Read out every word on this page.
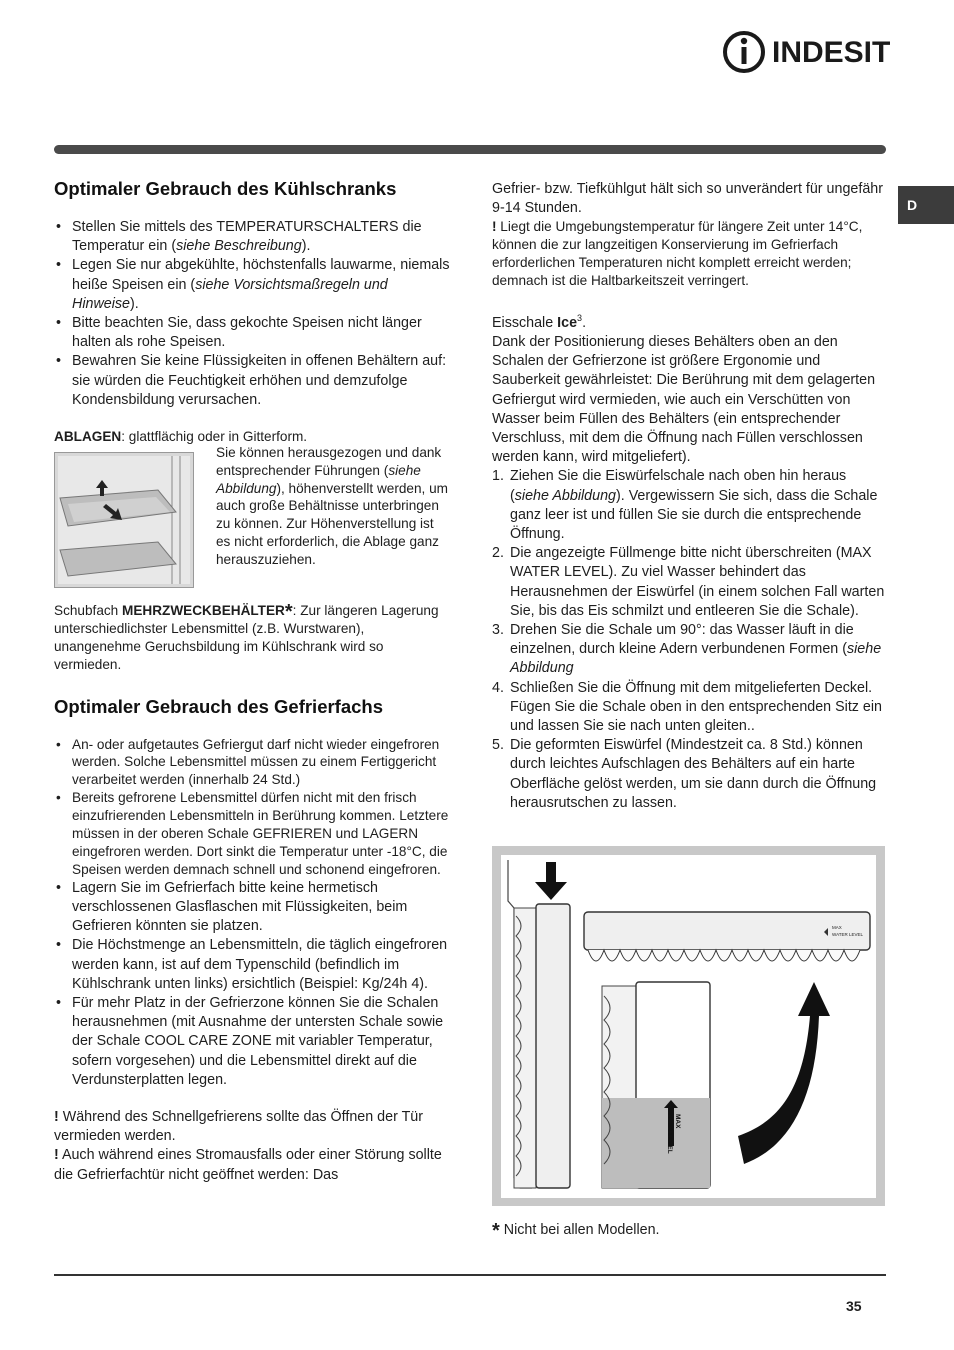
INDESIT
D
Optimaler Gebrauch des Kühlschranks
• Stellen Sie mittels des TEMPERATURSCHALTERS die Temperatur ein (siehe Beschreibung).
• Legen Sie nur abgekühlte, höchstenfalls lauwarme, niemals heiße Speisen ein (siehe Vorsichtsmaßregeln und Hinweise).
• Bitte beachten Sie, dass gekochte Speisen nicht länger halten als rohe Speisen.
• Bewahren Sie keine Flüssigkeiten in offenen Behältern auf: sie würden die Feuchtigkeit erhöhen und demzufolge Kondensbildung verursachen.

ABLAGEN: glattflächig oder in Gitterform.

Sie können herausgezogen und dank entsprechender Führungen (siehe Abbildung), höhenverstellt werden, um auch große Behältnisse unterbringen zu können. Zur Höhenverstellung ist es nicht erforderlich, die Ablage ganz herauszuziehen.

Schubfach MEHRZWECKBEHÄLTER*: Zur längeren Lagerung unterschiedlichster Lebensmittel (z.B. Wurstwaren), unangenehme Geruchsbildung im Kühlschrank wird so vermieden.

Optimaler Gebrauch des Gefrierfachs
• An- oder aufgetautes Gefriergut darf nicht wieder eingefroren werden. Solche Lebensmittel müssen zu einem Fertiggericht verarbeitet werden (innerhalb 24 Std.)
• Bereits gefrorene Lebensmittel dürfen nicht mit den frisch einzufrierenden Lebensmitteln in Berührung kommen. Letztere müssen in der oberen Schale GEFRIEREN und LAGERN eingefroren werden. Dort sinkt die Temperatur unter -18°C, die Speisen werden demnach schnell und schonend eingefroren.
• Lagern Sie im Gefrierfach bitte keine hermetisch verschlossenen Glasflaschen mit Flüssigkeiten, beim Gefrieren könnten sie platzen.
• Die Höchstmenge an Lebensmitteln, die täglich eingefroren werden kann, ist auf dem Typenschild (befindlich im Kühlschrank unten links) ersichtlich (Beispiel: Kg/24h 4).
• Für mehr Platz in der Gefrierzone können Sie die Schalen herausnehmen (mit Ausnahme der untersten Schale sowie der Schale COOL CARE ZONE mit variabler Temperatur, sofern vorgesehen) und die Lebensmittel direkt auf die Verdunsterplatten legen.

! Während des Schnellgefrierens sollte das Öffnen der Tür vermieden werden.

! Auch während eines Stromausfalls oder einer Störung sollte die Gefrierfachtür nicht geöffnet werden: Das

Gefrier- bzw. Tiefkühlgut hält sich so unverändert für ungefähr 9-14 Stunden.

! Liegt die Umgebungstemperatur für längere Zeit unter 14°C, können die zur langzeitigen Konservierung im Gefrierfach erforderlichen Temperaturen nicht komplett erreicht werden; demnach ist die Haltbarkeitszeit verringert.

Eisschale Ice$^3$.

Dank der Positionierung dieses Behälters oben an den Schalen der Gefrierzone ist größere Ergonomie und Sauberkeit gewährleistet: Die Berührung mit dem gelagerten Gefriergut wird vermieden, wie auch ein Verschütten von Wasser beim Füllen des Behälters (ein entsprechender Verschluss, mit dem die Öffnung nach Füllen verschlossen werden kann, wird mitgeliefert).

1. Ziehen Sie die Eiswürfelschale nach oben hin heraus (siehe Abbildung). Vergewissern Sie sich, dass die Schale ganz leer ist und füllen Sie sie durch die entsprechende Öffnung.
2. Die angezeigte Füllmenge bitte nicht überschreiten (MAX WATER LEVEL). Zu viel Wasser behindert das Herausnehmen der Eiswürfel (in einem solchen Fall warten Sie, bis das Eis schmilzt und entleeren Sie die Schale).
3. Drehen Sie die Schale um 90°: das Wasser läuft in die einzelnen, durch kleine Adern verbundenen Formen (siehe Abbildung
4. Schließen Sie die Öffnung mit dem mitgelieferten Deckel. Fügen Sie die Schale oben in den entsprechenden Sitz ein und lassen Sie sie nach unten gleiten..
5. Die geformten Eiswürfel (Mindestzeit ca. 8 Std.) können durch leichtes Aufschlagen des Behälters auf ein harte Oberfläche gelöst werden, um sie dann durch die Öffnung herausrutschen zu lassen.
MAX
WATER LEVEL
MAX
WATER LEVEL
* Nicht bei allen Modellen.
35
